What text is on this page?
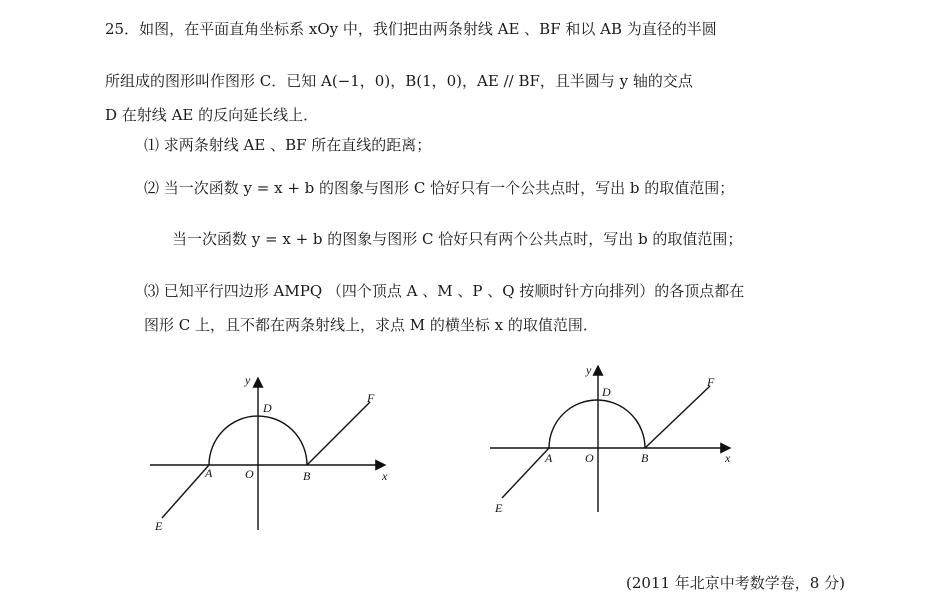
25．如图，在平面直角坐标系 xOy 中，我们把由两条射线 AE 、BF 和以 AB 为直径的半圆
所组成的图形叫作图形 C．已知 A(−1，0)，B(1，0)，AE // BF，且半圆与 y 轴的交点
D 在射线 AE 的反向延长线上．
⑴ 求两条射线 AE 、BF 所在直线的距离；
⑵ 当一次函数 y = x + b 的图象与图形 C 恰好只有一个公共点时，写出 b 的取值范围；
当一次函数 y = x + b 的图象与图形 C 恰好只有两个公共点时，写出 b 的取值范围；
⑶ 已知平行四边形 AMPQ （四个顶点 A 、M 、P 、Q 按顺时针方向排列）的各顶点都在
图形 C 上，且不都在两条射线上，求点 M 的横坐标 x 的取值范围．
y
x
O
A	B
D
E
F
y
x
O
A	B
D
E
F
(2011 年北京中考数学卷，8 分)
